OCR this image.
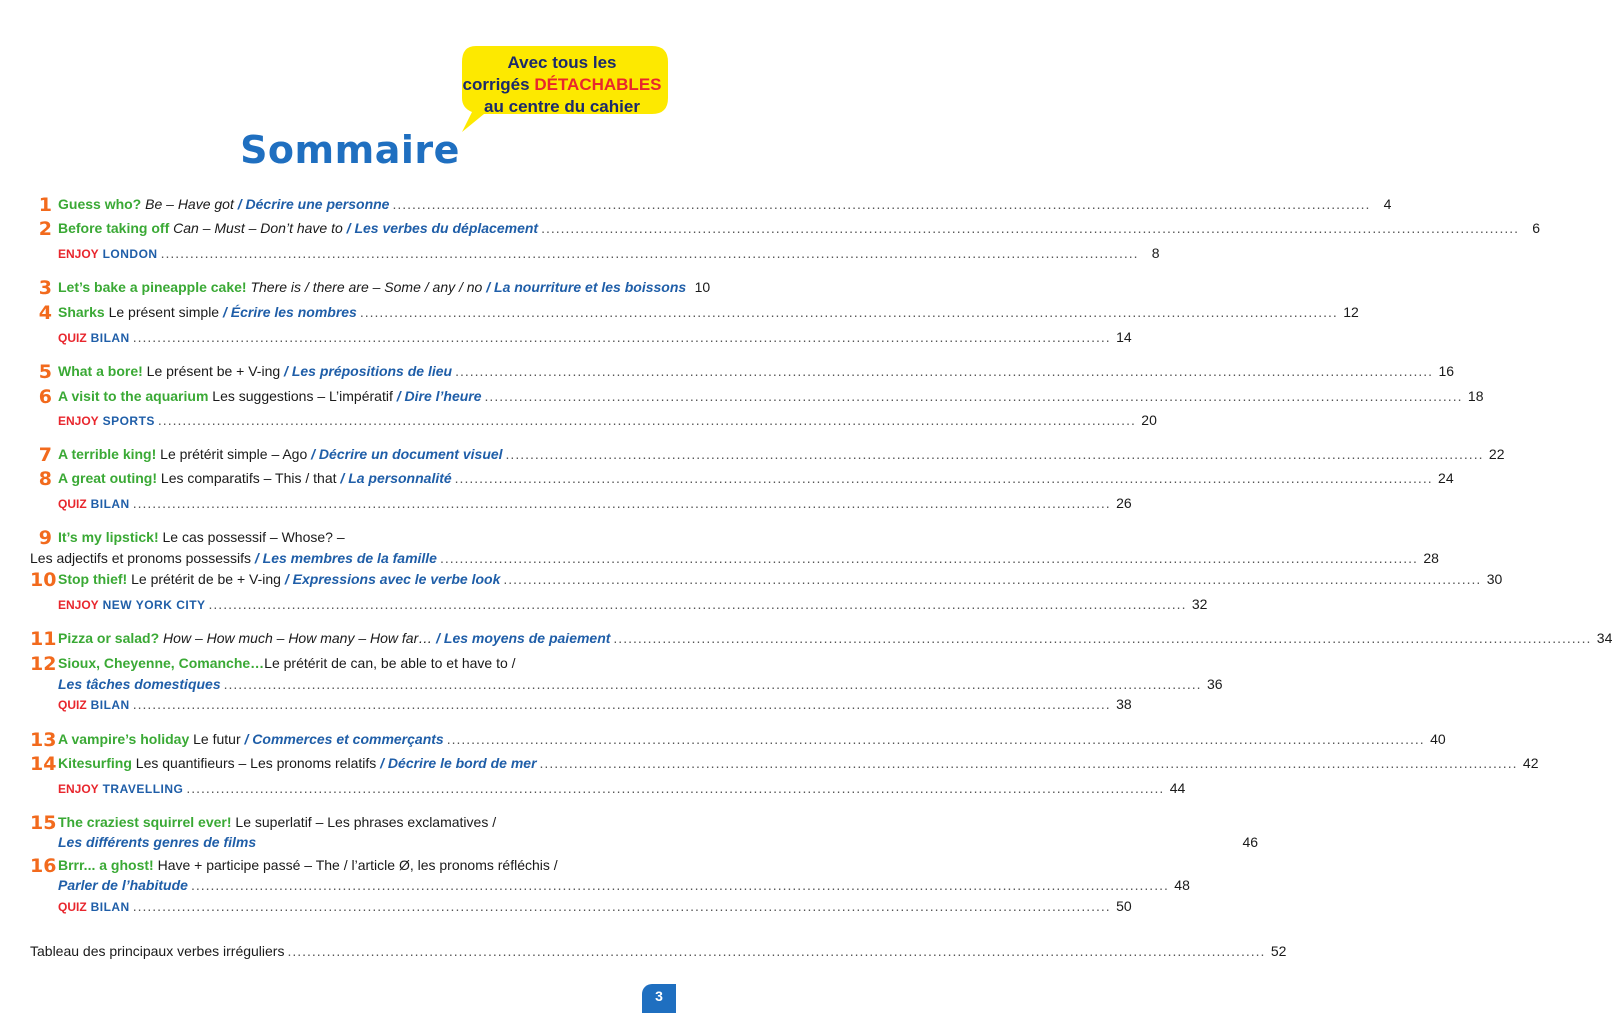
Avec tous les
corrigés DÉTACHABLES
au centre du cahier
Sommaire
1 Guess who? Be – Have got / Décrire une personne .....	4
2 Before taking off Can – Must – Don’t have to / Les verbes du déplacement .....	6
ENJOY LONDON .....	8
3 Let’s bake a pineapple cake! There is / there are – Some / any / no / La nourriture et les boissons 10
4 Sharks Le présent simple / Écrire les nombres .....	12
QUIZ BILAN .....	14
5 What a bore! Le présent be + V-ing / Les prépositions de lieu .....	16
6 A visit to the aquarium Les suggestions – L’impératif / Dire l’heure .....	18
ENJOY SPORTS .....	20
7 A terrible king! Le prétérit simple – Ago / Décrire un document visuel .....	22
8 A great outing! Les comparatifs – This / that / La personnalité .....	24
QUIZ BILAN .....	26
9 It’s my lipstick! Le cas possessif – Whose? –
Les adjectifs et pronoms possessifs / Les membres de la famille .....	28
10 Stop thief! Le prétérit de be + V-ing / Expressions avec le verbe look .....	30
ENJOY NEW YORK CITY .....	32
11 Pizza or salad? How – How much – How many – How far… / Les moyens de paiement .....	34
12 Sioux, Cheyenne, Comanche…Le prétérit de can, be able to et have to /
Les tâches domestiques .....	36
QUIZ BILAN .....	38
13 A vampire’s holiday Le futur / Commerces et commerçants .....	40
14 Kitesurfing Les quantifieurs – Les pronoms relatifs / Décrire le bord de mer .....	42
ENJOY TRAVELLING .....	44
15 The craziest squirrel ever! Le superlatif – Les phrases exclamatives /
Les différents genres de films	46
16 Brrr... a ghost! Have + participe passé – The / l’article Ø, les pronoms réfléchis /
Parler de l’habitude .....	48
QUIZ BILAN .....	50
Tableau des principaux verbes irréguliers .....	52
3
